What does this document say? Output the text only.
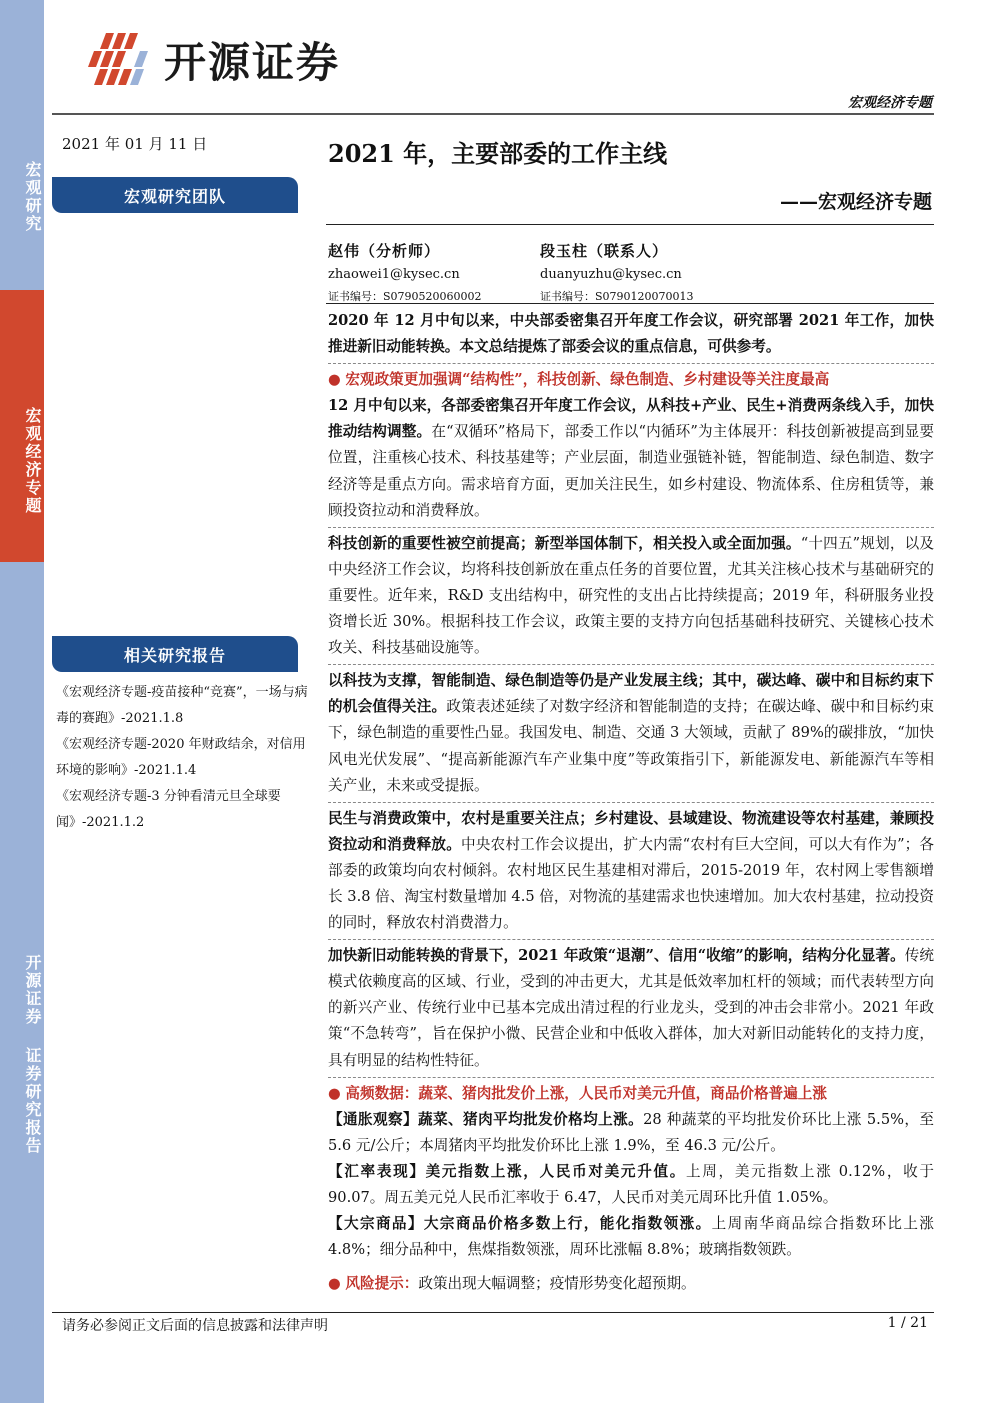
宏观研究
宏观经济专题
开源证券 证券研究报告
开源证券
宏观经济专题
2021 年 01 月 11 日
宏观研究团队
2021 年，主要部委的工作主线
——宏观经济专题
赵伟（分析师）
zhaowei1@kysec.cn
证书编号：S0790520060002
段玉柱（联系人）
duanyuzhu@kysec.cn
证书编号：S0790120070013

2020 年 12 月中旬以来，中央部委密集召开年度工作会议，研究部署 2021 年工作，加快推进新旧动能转换。本文总结提炼了部委会议的重点信息，可供参考。

● 宏观政策更加强调“结构性”，科技创新、绿色制造、乡村建设等关注度最高

12 月中旬以来，各部委密集召开年度工作会议，从科技+产业、民生+消费两条线入手，加快推动结构调整。在“双循环”格局下，部委工作以“内循环”为主体展开：科技创新被提高到显要位置，注重核心技术、科技基建等；产业层面，制造业强链补链，智能制造、绿色制造、数字经济等是重点方向。需求培育方面，更加关注民生，如乡村建设、物流体系、住房租赁等，兼顾投资拉动和消费释放。

科技创新的重要性被空前提高；新型举国体制下，相关投入或全面加强。“十四五”规划，以及中央经济工作会议，均将科技创新放在重点任务的首要位置，尤其关注核心技术与基础研究的重要性。近年来，R&D 支出结构中，研究性的支出占比持续提高；2019 年，科研服务业投资增长近 30%。根据科技工作会议，政策主要的支持方向包括基础科技研究、关键核心技术攻关、科技基础设施等。

以科技为支撑，智能制造、绿色制造等仍是产业发展主线；其中，碳达峰、碳中和目标约束下的机会值得关注。政策表述延续了对数字经济和智能制造的支持；在碳达峰、碳中和目标约束下，绿色制造的重要性凸显。我国发电、制造、交通 3 大领域，贡献了 89%的碳排放，“加快风电光伏发展”、“提高新能源汽车产业集中度”等政策指引下，新能源发电、新能源汽车等相关产业，未来或受提振。

民生与消费政策中，农村是重要关注点；乡村建设、县域建设、物流建设等农村基建，兼顾投资拉动和消费释放。中央农村工作会议提出，扩大内需“农村有巨大空间，可以大有作为”；各部委的政策均向农村倾斜。农村地区民生基建相对滞后，2015-2019 年，农村网上零售额增长 3.8 倍、淘宝村数量增加 4.5 倍，对物流的基建需求也快速增加。加大农村基建，拉动投资的同时，释放农村消费潜力。

加快新旧动能转换的背景下，2021 年政策“退潮”、信用“收缩”的影响，结构分化显著。传统模式依赖度高的区域、行业，受到的冲击更大，尤其是低效率加杠杆的领域；而代表转型方向的新兴产业、传统行业中已基本完成出清过程的行业龙头，受到的冲击会非常小。2021 年政策“不急转弯”，旨在保护小微、民营企业和中低收入群体，加大对新旧动能转化的支持力度，具有明显的结构性特征。

● 高频数据：蔬菜、猪肉批发价上涨，人民币对美元升值，商品价格普遍上涨

【通胀观察】蔬菜、猪肉平均批发价格均上涨。28 种蔬菜的平均批发价环比上涨 5.5%，至 5.6 元/公斤；本周猪肉平均批发价环比上涨 1.9%，至 46.3 元/公斤。

【汇率表现】美元指数上涨，人民币对美元升值。上周，美元指数上涨 0.12%，收于 90.07。周五美元兑人民币汇率收于 6.47，人民币对美元周环比升值 1.05%。

【大宗商品】大宗商品价格多数上行，能化指数领涨。上周南华商品综合指数环比上涨 4.8%；细分品种中，焦煤指数领涨，周环比涨幅 8.8%；玻璃指数领跌。

● 风险提示：政策出现大幅调整；疫情形势变化超预期。

相关研究报告

《宏观经济专题-疫苗接种“竞赛”，一场与病毒的赛跑》-2021.1.8

《宏观经济专题-2020 年财政结余，对信用环境的影响》-2021.1.4

《宏观经济专题-3 分钟看清元旦全球要闻》-2021.1.2

请务必参阅正文后面的信息披露和法律声明	1 / 21
